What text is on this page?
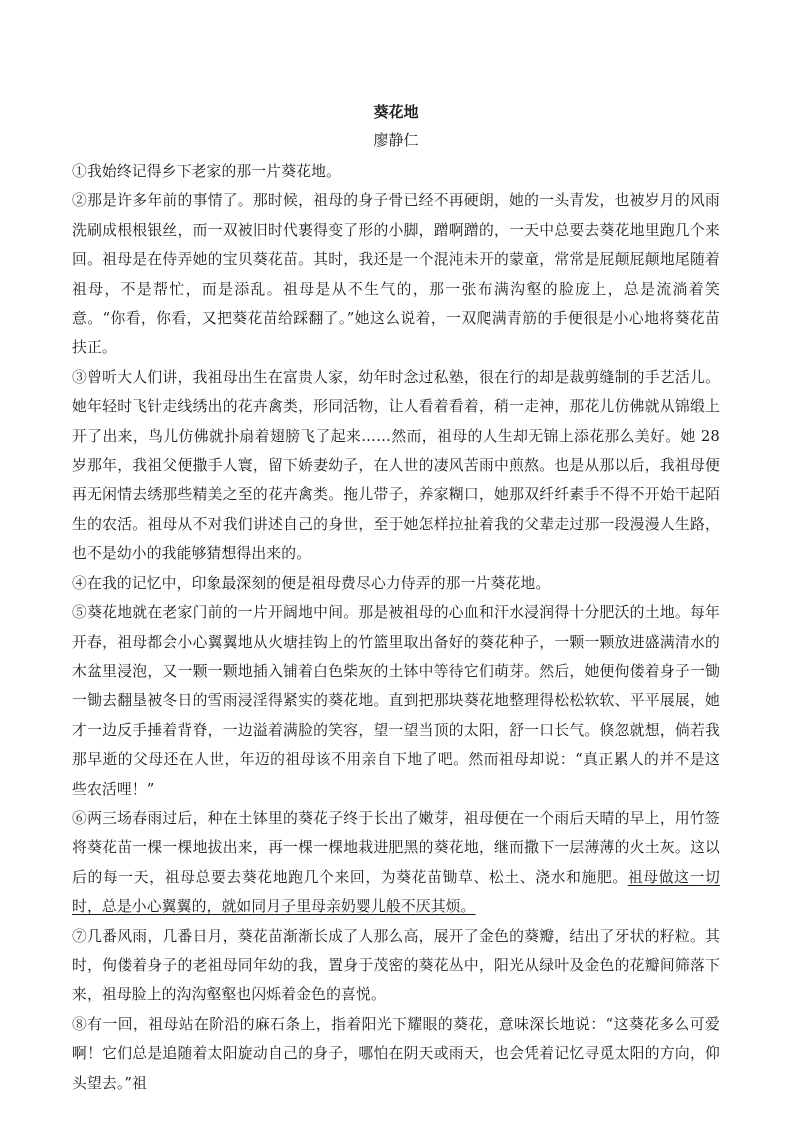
葵花地
廖静仁

①我始终记得乡下老家的那一片葵花地。

②那是许多年前的事情了。那时候，祖母的身子骨已经不再硬朗，她的一头青发，也被岁月的风雨洗刷成根根银丝，而一双被旧时代裹得变了形的小脚，蹭啊蹭的，一天中总要去葵花地里跑几个来回。祖母是在侍弄她的宝贝葵花苗。其时，我还是一个混沌未开的蒙童，常常是屁颠屁颠地尾随着祖母，不是帮忙，而是添乱。祖母是从不生气的，那一张布满沟壑的脸庞上，总是流淌着笑意。“你看，你看，又把葵花苗给踩翻了。”她这么说着，一双爬满青筋的手便很是小心地将葵花苗扶正。

③曾听大人们讲，我祖母出生在富贵人家，幼年时念过私塾，很在行的却是裁剪缝制的手艺活儿。她年轻时飞针走线绣出的花卉禽类，形同活物，让人看着看着，稍一走神，那花儿仿佛就从锦缎上开了出来，鸟儿仿佛就扑扇着翅膀飞了起来……然而，祖母的人生却无锦上添花那么美好。她 28 岁那年，我祖父便撒手人寰，留下娇妻幼子，在人世的凄风苦雨中煎熬。也是从那以后，我祖母便再无闲情去绣那些精美之至的花卉禽类。拖儿带子，养家糊口，她那双纤纤素手不得不开始干起陌生的农活。祖母从不对我们讲述自己的身世，至于她怎样拉扯着我的父辈走过那一段漫漫人生路，也不是幼小的我能够猜想得出来的。

④在我的记忆中，印象最深刻的便是祖母费尽心力侍弄的那一片葵花地。

⑤葵花地就在老家门前的一片开阔地中间。那是被祖母的心血和汗水浸润得十分肥沃的土地。每年开春，祖母都会小心翼翼地从火塘挂钩上的竹篮里取出备好的葵花种子，一颗一颗放进盛满清水的木盆里浸泡，又一颗一颗地插入铺着白色柴灰的土钵中等待它们萌芽。然后，她便佝偻着身子一锄一锄去翻垦被冬日的雪雨浸淫得紧实的葵花地。直到把那块葵花地整理得松松软软、平平展展，她才一边反手捶着背脊，一边溢着满脸的笑容，望一望当顶的太阳，舒一口长气。倏忽就想，倘若我那早逝的父母还在人世，年迈的祖母该不用亲自下地了吧。然而祖母却说：“真正累人的并不是这些农活哩！”

⑥两三场春雨过后，种在土钵里的葵花子终于长出了嫩芽，祖母便在一个雨后天晴的早上，用竹签将葵花苗一棵一棵地拔出来，再一棵一棵地栽进肥黑的葵花地，继而撒下一层薄薄的火土灰。这以后的每一天，祖母总要去葵花地跑几个来回，为葵花苗锄草、松土、浇水和施肥。祖母做这一切时，总是小心翼翼的，就如同月子里母亲奶婴儿般不厌其烦。

⑦几番风雨，几番日月，葵花苗渐渐长成了人那么高，展开了金色的葵瓣，结出了牙状的籽粒。其时，佝偻着身子的老祖母同年幼的我，置身于茂密的葵花丛中，阳光从绿叶及金色的花瓣间筛落下来，祖母脸上的沟沟壑壑也闪烁着金色的喜悦。

⑧有一回，祖母站在阶沿的麻石条上，指着阳光下耀眼的葵花，意味深长地说：“这葵花多么可爱啊！它们总是追随着太阳旋动自己的身子，哪怕在阴天或雨天，也会凭着记忆寻觅太阳的方向，仰头望去。”祖
